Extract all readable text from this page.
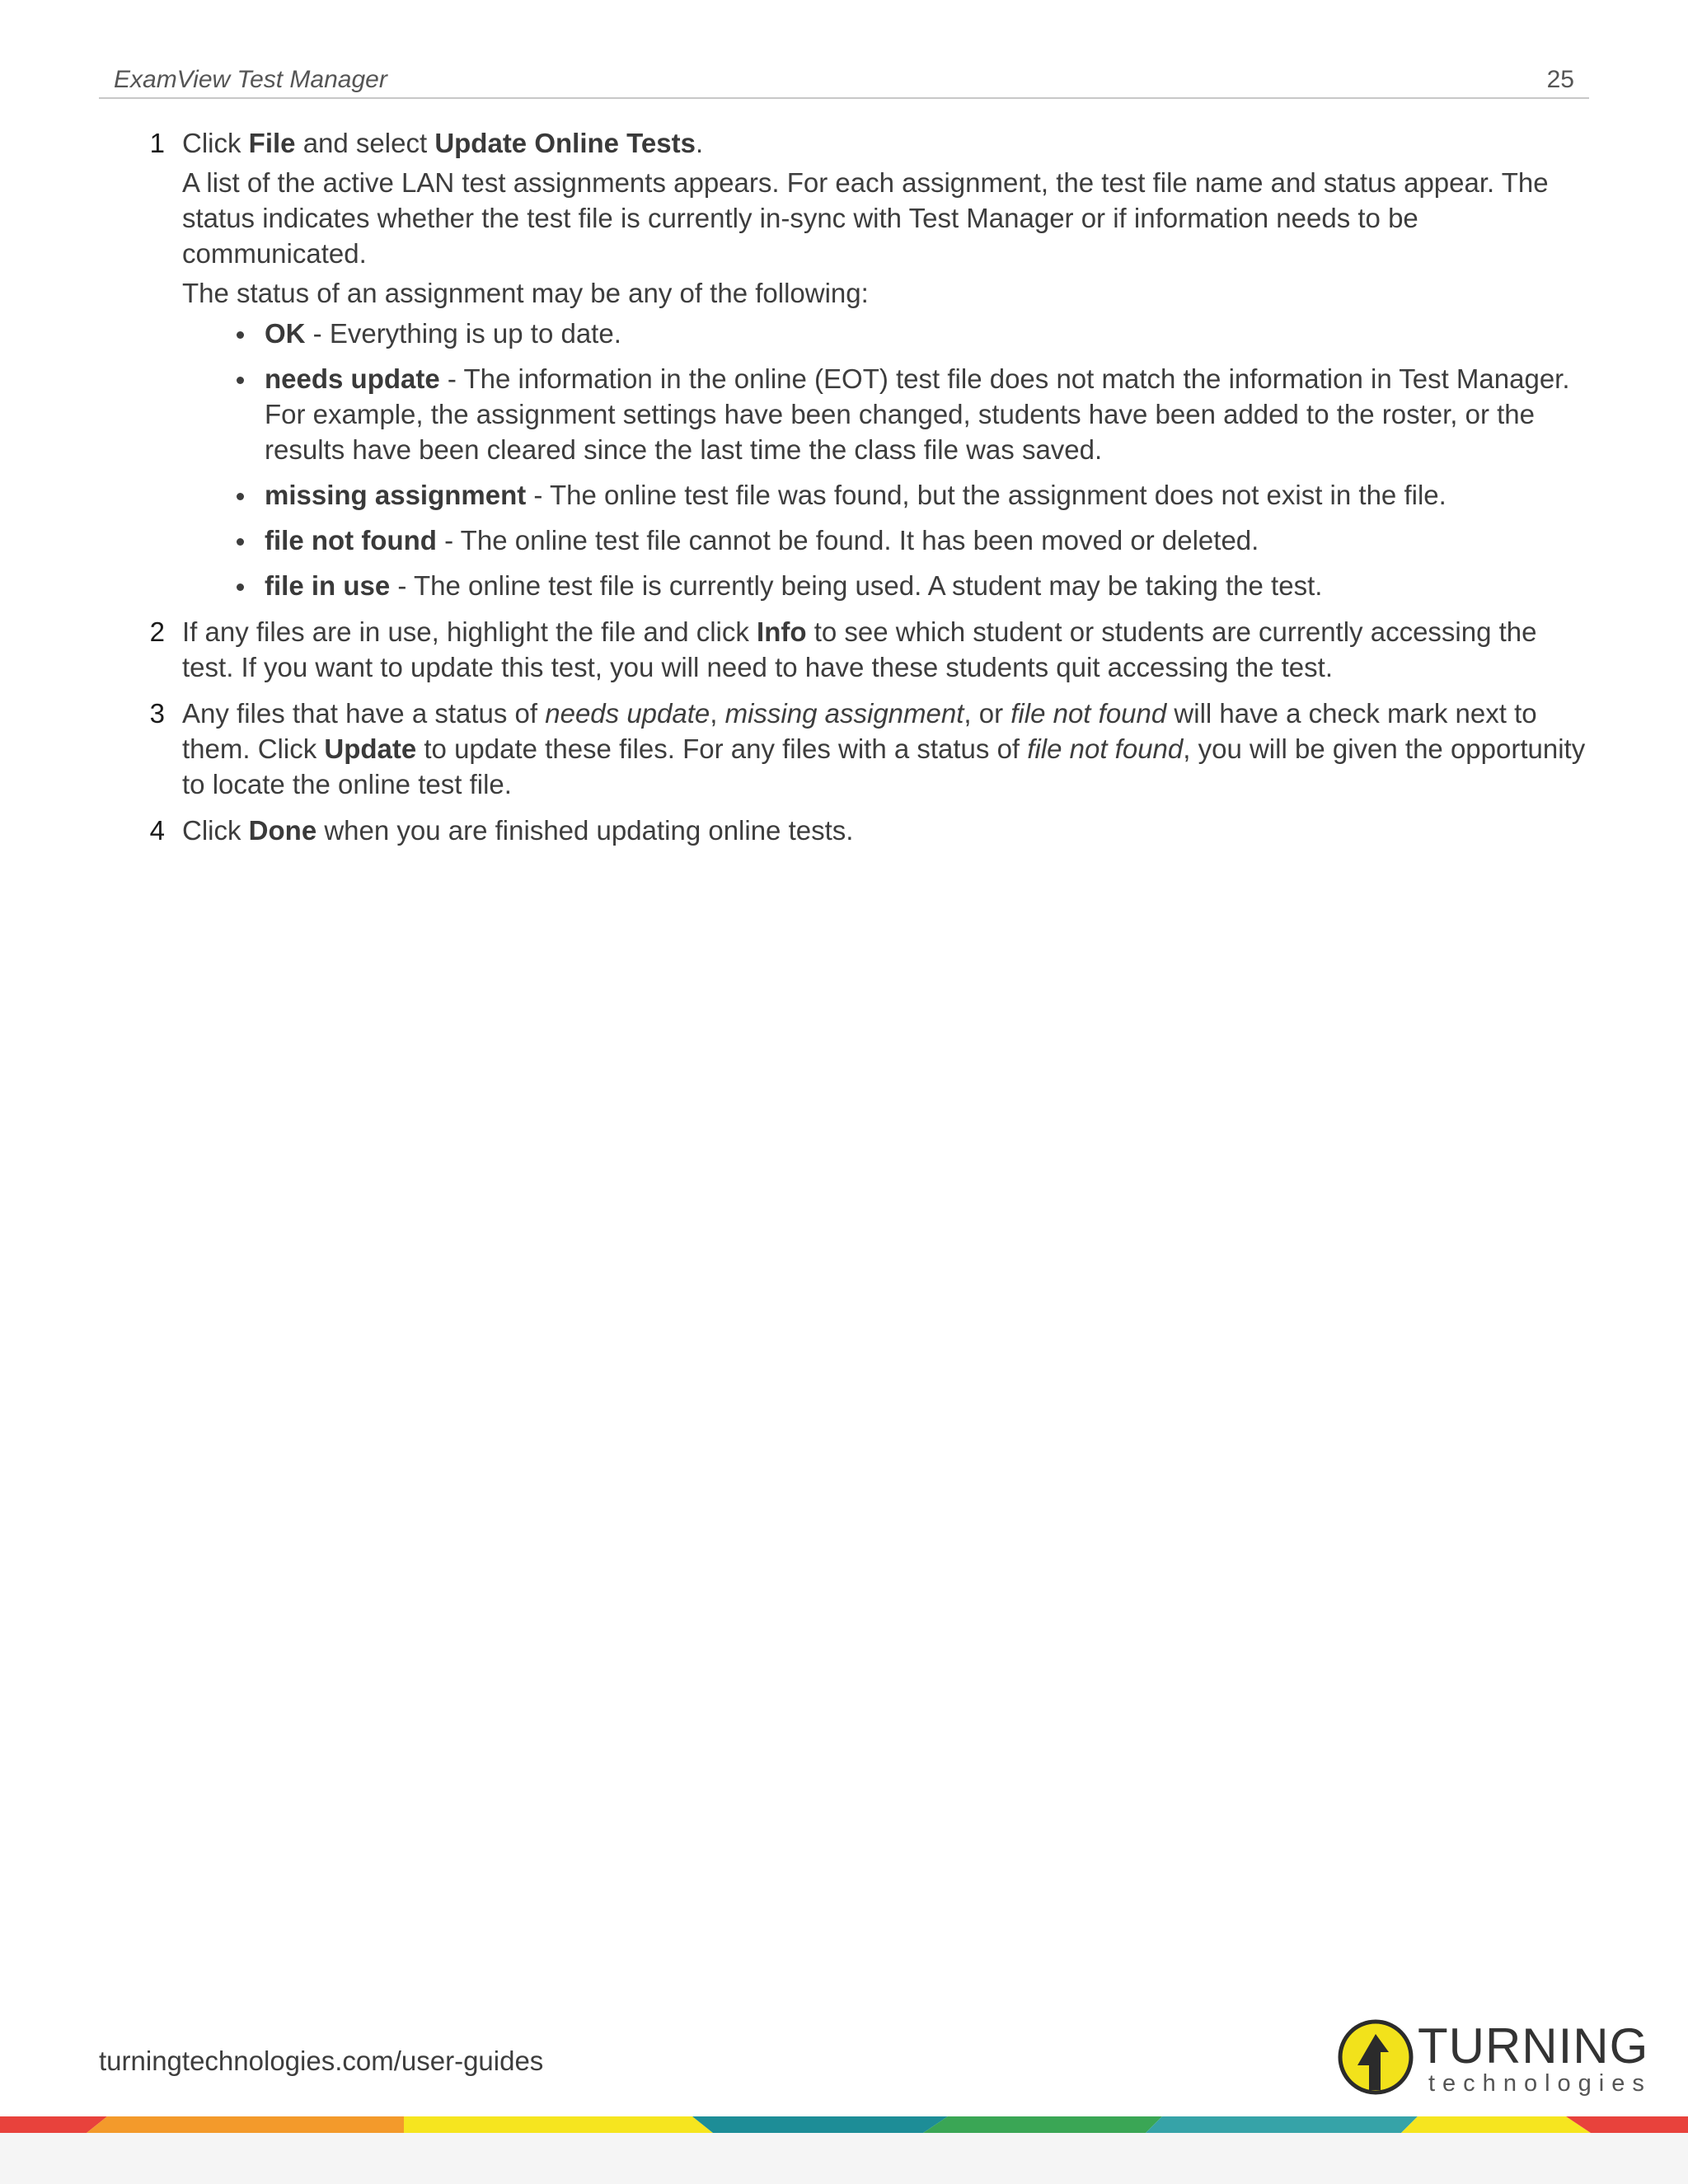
ExamView Test Manager	25
1 Click File and select Update Online Tests.

A list of the active LAN test assignments appears. For each assignment, the test file name and status appear. The status indicates whether the test file is currently in-sync with Test Manager or if information needs to be communicated.

The status of an assignment may be any of the following:

OK - Everything is up to date.
needs update - The information in the online (EOT) test file does not match the information in Test Manager. For example, the assignment settings have been changed, students have been added to the roster, or the results have been cleared since the last time the class file was saved.
missing assignment - The online test file was found, but the assignment does not exist in the file.
file not found - The online test file cannot be found. It has been moved or deleted.
file in use - The online test file is currently being used. A student may be taking the test.
2 If any files are in use, highlight the file and click Info to see which student or students are currently accessing the test. If you want to update this test, you will need to have these students quit accessing the test.

3 Any files that have a status of needs update, missing assignment, or file not found will have a check mark next to them. Click Update to update these files. For any files with a status of file not found, you will be given the opportunity to locate the online test file.

4 Click Done when you are finished updating online tests.

turningtechnologies.com/user-guides	TURNING
technologies
